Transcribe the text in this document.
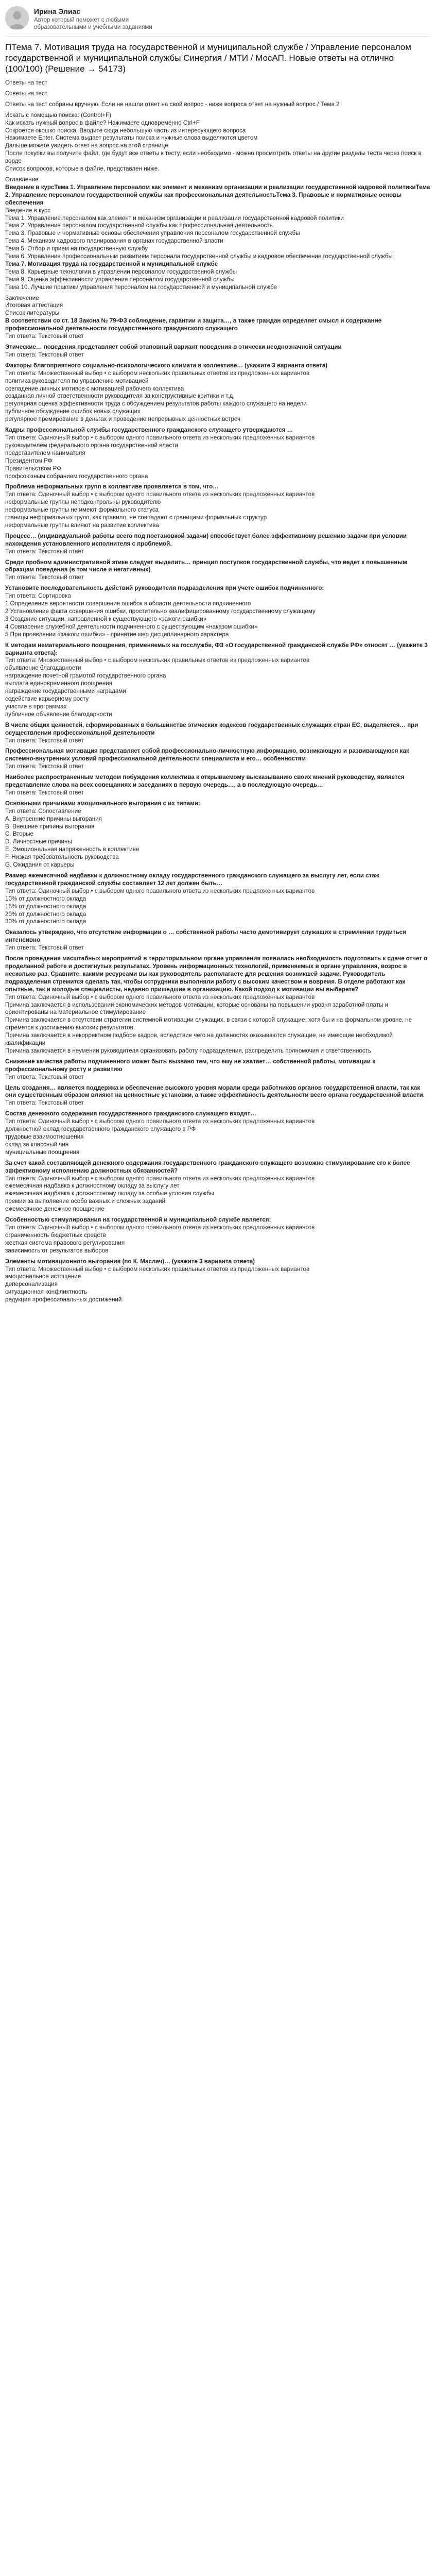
Ирина Элиас
Автор который поможет с любыми образовательными и учебными заданиями
ПТема 7. Мотивация труда на государственной и муниципальной службе / Управление персоналом государственной и муниципальной службы Синергия / МТИ / МосАП. Новые ответы на отлично (100/100) (Решение → 54173)

Ответы на тест

Ответы на тест

Ответы на тест собраны вручную. Если не нашли ответ на свой вопрос - ниже вопроса ответ на нужный вопрос / Тема 2

Искать с помощью поиска: (Control+F)

Как искать нужный вопрос в файле? Нажимаете одновременно Ctrl+F

Откроется окошко поиска, Вводите сюда небольшую часть из интересующего вопроса

Нажимаете Enter. Система выдает результаты поиска и нужные слова выделяются цветом

Дальше можете увидеть ответ на вопрос на этой странице

После покупки вы получите файл, где будут все ответы к тесту, если необходимо - можно просмотреть ответы на другие разделы теста через поиск в ворде

Список вопросов, которые в файле, представлен ниже.

Оглавление

Введение в курсТема 1. Управление персоналом как элемент и механизм организации и реализации государственной кадровой политикиТема 2. Управление персоналом государственной службы как профессиональная деятельностьТема 3. Правовые и нормативные основы обеспечения

Введение в курс

Тема 1. Управление персоналом как элемент и механизм организации и реализации государственной кадровой политики

Тема 2. Управление персоналом государственной службы как профессиональная деятельность

Тема 3. Правовые и нормативные основы обеспечения управления персоналом государственной службы

Тема 4. Механизм кадрового планирования в органах государственной власти

Тема 5. Отбор и прием на государственную службу

Тема 6. Управление профессиональным развитием персонала государственной службы и кадровое обеспечение государственной службы

Тема 7. Мотивация труда на государственной и муниципальной службе

Тема 8. Карьерные технологии в управлении персоналом государственной службы

Тема 9. Оценка эффективности управления персоналом государственной службы

Тема 10. Лучшие практики управления персоналом на государственной и муниципальной службе

Заключение

Итоговая аттестация

Список литературы

В соответствии со ст. 18 Закона № 79-ФЗ соблюдение, гарантии и защита…, а также граждан определяет смысл и содержание профессиональной деятельности государственного гражданского служащего

Тип ответа: Текстовый ответ

Этические… поведения представляет собой этаповный вариант поведения в этически неоднозначной ситуации

Тип ответа: Текстовый ответ

Факторы благоприятного социально-психологического климата в коллективе… (укажите 3 варианта ответа)

Тип ответа: Множественный выбор • с выбором нескольких правильных ответов из предложенных вариантов

политика руководителя по управлению мотивацией

совпадение личных мотивов с мотивацией рабочего коллектива

созданная личной ответственности руководителя за конструктивные критики и т.д.

регулярная оценка эффективности труда с обсуждением результатов работы каждого служащего на недели

публичное обсуждение ошибок новых служащих

регулярное премирование в деньгах и проведение непрерывных ценностных встреч

Кадры профессиональной службы государственного гражданского служащего утверждаются …

Тип ответа: Одиночный выбор • с выбором одного правильного ответа из нескольких предложенных вариантов

руководителем федерального органа государственной власти

представителем нанимателя

Президентом РФ

Правительством РФ

профсоюзным собранием государственного органа

Проблема неформальных групп в коллективе проявляется в том, что…

Тип ответа: Одиночный выбор • с выбором одного правильного ответа из нескольких предложенных вариантов

неформальные группы неподконтрольны руководителю

неформальные группы не имеют формального статуса

границы неформальных групп, как правило, не совпадают с границами формальных структур

неформальные группы влияют на развитие коллектива

Процесс… (индивидуальной работы всего под постановкой задачи) способствует более эффективному решению задачи при условии нахождения установленного исполнителя с проблемой.

Тип ответа: Текстовый ответ

Среди пробном административной этике следует выделить… принцип поступков государственной службы, что ведет к повышенным образцам поведения (в том числе и негативных)

Тип ответа: Текстовый ответ

Установите последовательность действий руководителя подразделения при учете ошибок подчиненного:

Тип ответа: Сортировка

1 Определение вероятности совершения ошибок в области деятельности подчиненного

2 Установление факта совершения ошибки, простительно квалифицированному государственному служащему

3 Создание ситуации, направленной к существующего «зажоги ошибки»

4 Совпасение служебной деятельности подчиненного с существующим «наказом ошибки»

5 При проявлении «зажоги ошибки» - принятие мер дисциплинарного характера

К методам нематериального поощрения, применяемых на госслужбе, ФЗ «О государственной гражданской службе РФ» относят … (укажите 3 варианта ответа):

Тип ответа: Множественный выбор • с выбором нескольких правильных ответов из предложенных вариантов

объявление благодарности

награждение почетной грамотой государственного органа

выплата единовременного поощрения

награждение государственными наградами

содействие карьерному росту

участие в программах

публичное объявление благодарности

В числе общих ценностей, сформированных в большинстве этических кодексов государственных служащих стран ЕС, выделяется… при осуществлении профессиональной деятельности

Тип ответа: Текстовый ответ

Профессиональная мотивация представляет собой профессионально-личностную информацию, возникающую и развивающуюся как системно-внутренних условий профессиональной деятельности специалиста и его… особенностям

Тип ответа: Текстовый ответ

Наиболее распространенным методом побуждения коллектива к открываемому высказыванию своих мнений руководству, является представление слова на всех совещаниях и заседаниях в первую очередь…, а в последующую очередь…

Тип ответа: Текстовый ответ

Основными причинами эмоционального выгорания с их типами:

Тип ответа: Сопоставление

А. Внутренние причины выгорания

B. Внешние причины выгорания

C. Вторые

D. Личностные причины

E. Эмоциональная напряженность в коллективе

F. Низкая требовательность руководства

G. Ожидания от карьеры

Размер ежемесячной надбавки к должностному окладу государственного гражданского служащего за выслугу лет, если стаж государственной гражданской службы составляет 12 лет должен быть…

Тип ответа: Одиночный выбор • с выбором одного правильного ответа из нескольких предложенных вариантов

10% от должностного оклада

15% от должностного оклада

20% от должностного оклада

30% от должностного оклада

Оказалось утверждено, что отсутствие информации о … собственной работы часто демотивирует служащих в стремлении трудиться интенсивно

Тип ответа: Текстовый ответ

После проведения масштабных мероприятий в территориальном органе управления появилась необходимость подготовить к сдаче отчет о проделанной работе и достигнутых результатах. Уровень информационных технологий, применяемых в органе управления, возрос в несколько раз. Сравните, какими ресурсами вы как руководитель располагаете для решения возникшей задачи. Руководитель подразделения стремится сделать так, чтобы сотрудники выполняли работу с высоким качеством и вовремя. В отделе работают как опытные, так и молодые специалисты, недавно пришедшие в организацию. Какой подход к мотивации вы выберете?

Тип ответа: Одиночный выбор • с выбором одного правильного ответа из нескольких предложенных вариантов

Причина заключается в использовании экономических методов мотивации, которые основаны на повышении уровня заработной платы и ориентированы на материальное стимулирование

Причина заключается в отсутствии стратегии системной мотивации служащих, в связи с которой служащие, хотя бы и на формальном уровне, не стремятся к достижению высоких результатов

Причина заключается в некорректном подборе кадров, вследствие чего на должностях оказываются служащие, не имеющие необходимой квалификации

Причина заключается в неумении руководителя организовать работу подразделения, распределить полномочия и ответственность

Снижение качества работы подчиненного может быть вызвано тем, что ему не хватает… собственной работы, мотивации к профессиональному росту и развитию

Тип ответа: Текстовый ответ

Цель создания… является поддержка и обеспечение высокого уровня морали среди работников органов государственной власти, так как они существенным образом влияют на ценностные установки, а также эффективность деятельности всего органа государственной власти.

Тип ответа: Текстовый ответ

Состав денежного содержания государственного гражданского служащего входят…

Тип ответа: Одиночный выбор • с выбором одного правильного ответа из нескольких предложенных вариантов

должностной оклад государственного гражданского служащего в РФ

трудовые взаимоотношения

оклад за классный чин

мунициальные поощрения

За счет какой составляющей денежного содержания государственного гражданского служащего возможно стимулирование его к более эффективному исполнению должностных обязанностей?

Тип ответа: Одиночный выбор • с выбором одного правильного ответа из нескольких предложенных вариантов

ежемесячная надбавка к должностному окладу за выслугу лет

ежемесячная надбавка к должностному окладу за особые условия службы

премии за выполнение особо важных и сложных заданий

ежемесячное денежное поощрение

Особенностью стимулирования на государственной и муниципальной службе является:

Тип ответа: Одиночный выбор • с выбором одного правильного ответа из нескольких предложенных вариантов

ограниченность бюджетных средств

жесткая система правового регулирования

зависимость от результатов выборов

Элементы мотивационного выгорания (по К. Маслач)… (укажите 3 варианта ответа)

Тип ответа: Множественный выбор • с выбором нескольких правильных ответов из предложенных вариантов

эмоциональное истощение

деперсонализация

ситуационная конфликтность

редукция профессиональных достижений
